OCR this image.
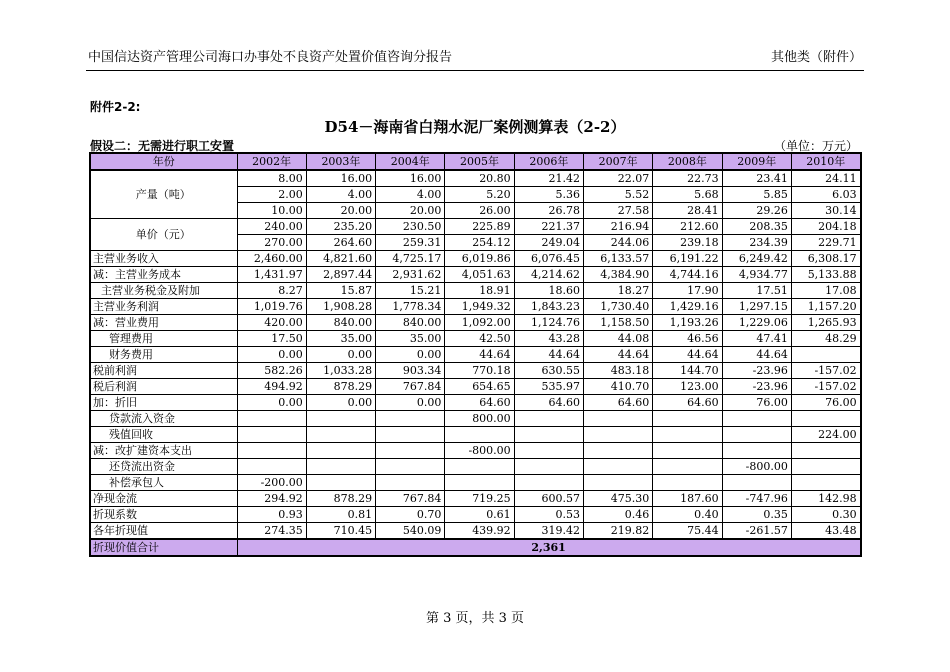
中国信达资产管理公司海口办事处不良资产处置价值咨询分报告	其他类（附件）
附件2-2:
D54－海南省白翔水泥厂案例测算表（2-2）
假设二：无需进行职工安置	（单位：万元）
年份	2002年	2003年	2004年	2005年	2006年	2007年	2008年	2009年	2010年
产量（吨）	8.00	16.00	16.00	20.80	21.42	22.07	22.73	23.41	24.11
	2.00	4.00	4.00	5.20	5.36	5.52	5.68	5.85	6.03
	10.00	20.00	20.00	26.00	26.78	27.58	28.41	29.26	30.14
单价（元）	240.00	235.20	230.50	225.89	221.37	216.94	212.60	208.35	204.18
	270.00	264.60	259.31	254.12	249.04	244.06	239.18	234.39	229.71
主营业务收入	2,460.00	4,821.60	4,725.17	6,019.86	6,076.45	6,133.57	6,191.22	6,249.42	6,308.17
减：主营业务成本	1,431.97	2,897.44	2,931.62	4,051.63	4,214.62	4,384.90	4,744.16	4,934.77	5,133.88
主营业务税金及附加	8.27	15.87	15.21	18.91	18.60	18.27	17.90	17.51	17.08
主营业务利润	1,019.76	1,908.28	1,778.34	1,949.32	1,843.23	1,730.40	1,429.16	1,297.15	1,157.20
减：营业费用	420.00	840.00	840.00	1,092.00	1,124.76	1,158.50	1,193.26	1,229.06	1,265.93
管理费用	17.50	35.00	35.00	42.50	43.28	44.08	46.56	47.41	48.29
财务费用	0.00	0.00	0.00	44.64	44.64	44.64	44.64	44.64	
税前利润	582.26	1,033.28	903.34	770.18	630.55	483.18	144.70	-23.96	-157.02
税后利润	494.92	878.29	767.84	654.65	535.97	410.70	123.00	-23.96	-157.02
加：折旧	0.00	0.00	0.00	64.60	64.60	64.60	64.60	76.00	76.00
贷款流入资金				800.00					
残值回收									224.00
减：改扩建资本支出				-800.00					
还贷流出资金								-800.00	
补偿承包人	-200.00								
净现金流	294.92	878.29	767.84	719.25	600.57	475.30	187.60	-747.96	142.98
折现系数	0.93	0.81	0.70	0.61	0.53	0.46	0.40	0.35	0.30
各年折现值	274.35	710.45	540.09	439.92	319.42	219.82	75.44	-261.57	43.48
折现价值合计	2,361								
第 3 页，共 3 页
